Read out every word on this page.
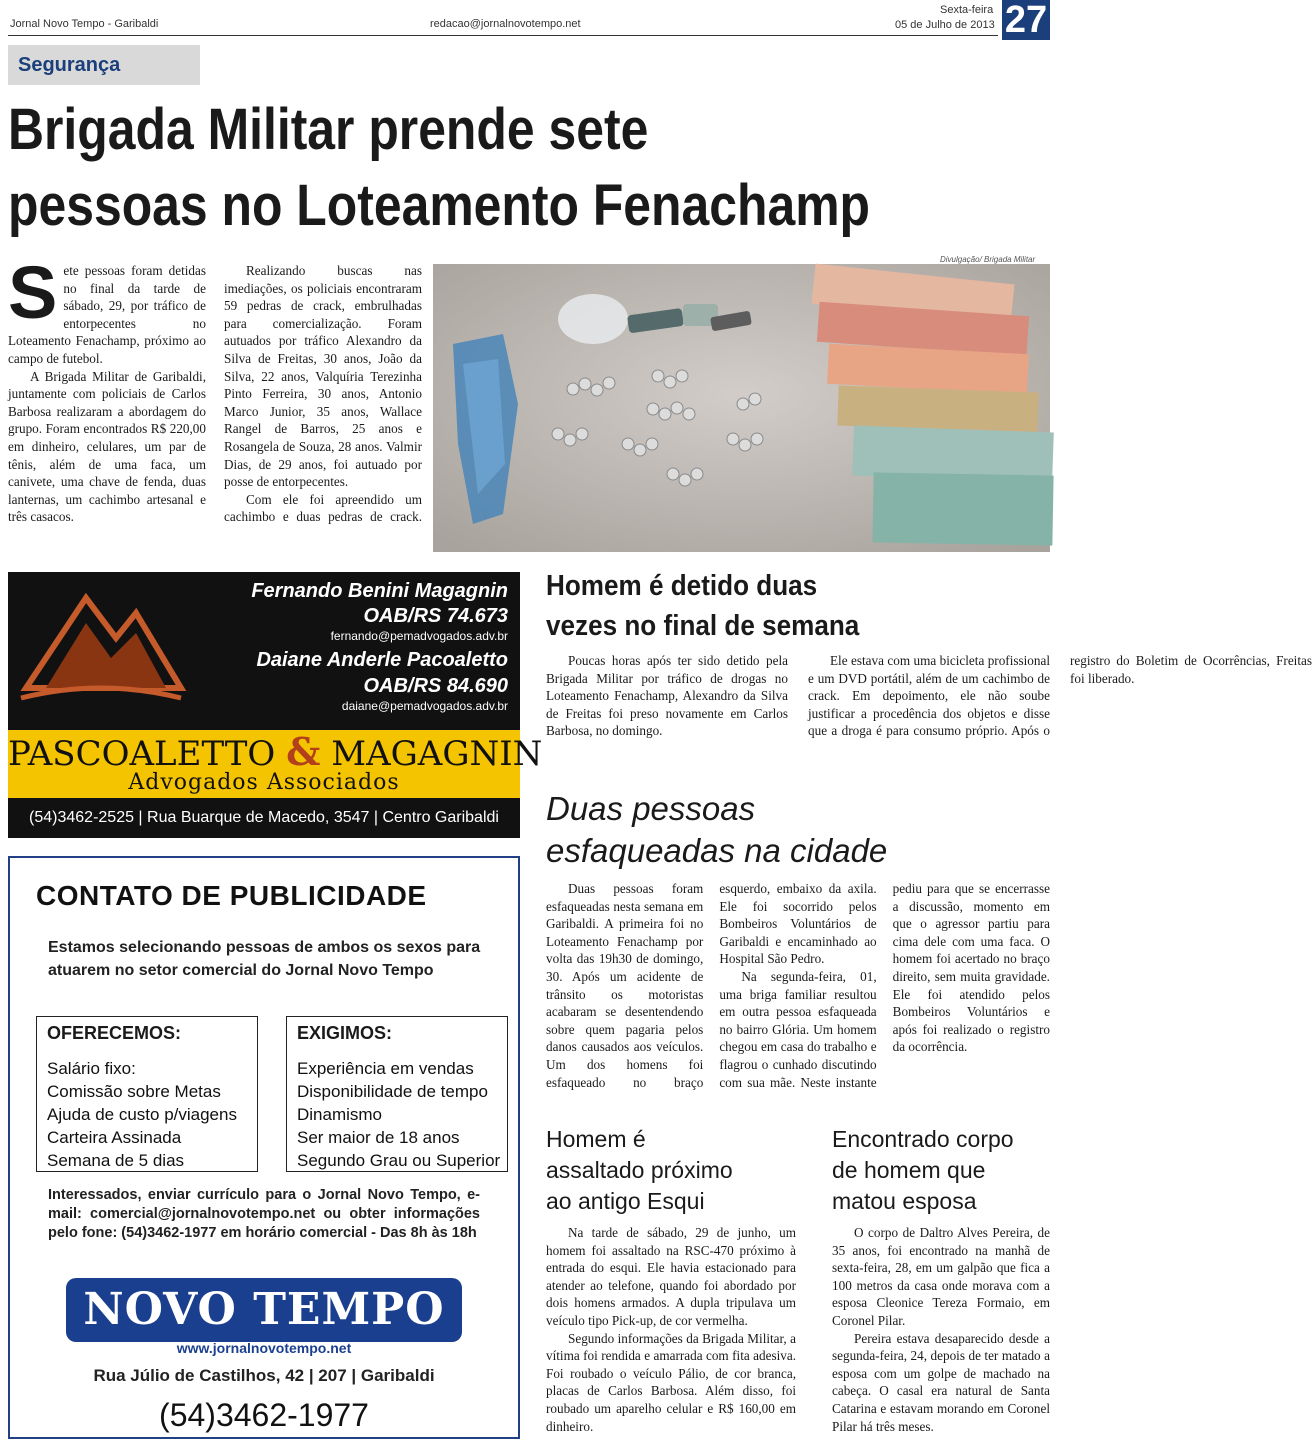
Jornal Novo Tempo - Garibaldi	redacao@jornalnovotempo.net
Sexta-feira
05 de Julho de 2013 27
Segurança
Brigada Militar prende sete
pessoas no Loteamento Fenachamp

Sete pessoas foram detidas no final da tarde de sábado, 29, por tráfico de entorpecentes no Loteamento Fenachamp, próximo ao campo de futebol.

A Brigada Militar de Garibaldi, juntamente com policiais de Carlos Barbosa realizaram a abordagem do grupo. Foram encontrados R$ 220,00 em dinheiro, celulares, um par de tênis, além de uma faca, um canivete, uma chave de fenda, duas lanternas, um cachimbo artesanal e três casacos.

Realizando buscas nas imediações, os policiais encontraram 59 pedras de crack, embrulhadas para comercialização. Foram autuados por tráfico Alexandro da Silva de Freitas, 30 anos, João da Silva, 22 anos, Valquíria Terezinha Pinto Ferreira, 30 anos, Antonio Marco Junior, 35 anos, Wallace Rangel de Barros, 25 anos e Rosangela de Souza, 28 anos. Valmir Dias, de 29 anos, foi autuado por posse de entorpecentes.

Com ele foi apreendido um cachimbo e duas pedras de crack.

Divulgação/ Brigada Militar
Fernando Benini Magagnin
OAB/RS 74.673
fernando@pemadvogados.adv.br
Daiane Anderle Pacoaletto
OAB/RS 84.690
daiane@pemadvogados.adv.br
PASCOALETTO & MAGAGNIN
Advogados Associados
(54)3462-2525 | Rua Buarque de Macedo, 3547 | Centro Garibaldi
CONTATO DE PUBLICIDADE
Estamos selecionando pessoas de ambos os sexos para atuarem no setor comercial do Jornal Novo Tempo
OFERECEMOS:
Salário fixo:
Comissão sobre Metas
Ajuda de custo p/viagens
Carteira Assinada
Semana de 5 dias
EXIGIMOS:
Experiência em vendas
Disponibilidade de tempo
Dinamismo
Ser maior de 18 anos
Segundo Grau ou Superior
Interessados, enviar currículo para o Jornal Novo Tempo, e-mail: comercial@jornalnovotempo.net ou obter informações pelo fone: (54)3462-1977 em horário comercial - Das 8h às 18h
NOVO TEMPO
www.jornalnovotempo.net
Rua Júlio de Castilhos, 42 | 207 | Garibaldi
(54)3462-1977
Homem é detido duas
vezes no final de semana

Poucas horas após ter sido detido pela Brigada Militar por tráfico de drogas no Loteamento Fenachamp, Alexandro da Silva de Freitas foi preso novamente em Carlos Barbosa, no domingo.

Ele estava com uma bicicleta profissional e um DVD portátil, além de um cachimbo de crack. Em depoimento, ele não soube justificar a procedência dos objetos e disse que a droga é para consumo próprio. Após o registro do Boletim de Ocorrências, Freitas foi liberado.

Duas pessoas
esfaqueadas na cidade

Duas pessoas foram esfaqueadas nesta semana em Garibaldi. A primeira foi no Loteamento Fenachamp por volta das 19h30 de domingo, 30. Após um acidente de trânsito os motoristas acabaram se desentendendo sobre quem pagaria pelos danos causados aos veículos. Um dos homens foi esfaqueado no braço esquerdo, embaixo da axila. Ele foi socorrido pelos Bombeiros Voluntários de Garibaldi e encaminhado ao Hospital São Pedro.

Na segunda-feira, 01, uma briga familiar resultou em outra pessoa esfaqueada no bairro Glória. Um homem chegou em casa do trabalho e flagrou o cunhado discutindo com sua mãe. Neste instante pediu para que se encerrasse a discussão, momento em que o agressor partiu para cima dele com uma faca. O homem foi acertado no braço direito, sem muita gravidade. Ele foi atendido pelos Bombeiros Voluntários e após foi realizado o registro da ocorrência.

Homem é
assaltado próximo
ao antigo Esqui

Na tarde de sábado, 29 de junho, um homem foi assaltado na RSC-470 próximo à entrada do esqui. Ele havia estacionado para atender ao telefone, quando foi abordado por dois homens armados. A dupla tripulava um veículo tipo Pick-up, de cor vermelha.

Segundo informações da Brigada Militar, a vítima foi rendida e amarrada com fita adesiva. Foi roubado o veículo Pálio, de cor branca, placas de Carlos Barbosa. Além disso, foi roubado um aparelho celular e R$ 160,00 em dinheiro.

Encontrado corpo
de homem que
matou esposa

O corpo de Daltro Alves Pereira, de 35 anos, foi encontrado na manhã de sexta-feira, 28, em um galpão que fica a 100 metros da casa onde morava com a esposa Cleonice Tereza Formaio, em Coronel Pilar.

Pereira estava desaparecido desde a segunda-feira, 24, depois de ter matado a esposa com um golpe de machado na cabeça. O casal era natural de Santa Catarina e estavam morando em Coronel Pilar há três meses.
